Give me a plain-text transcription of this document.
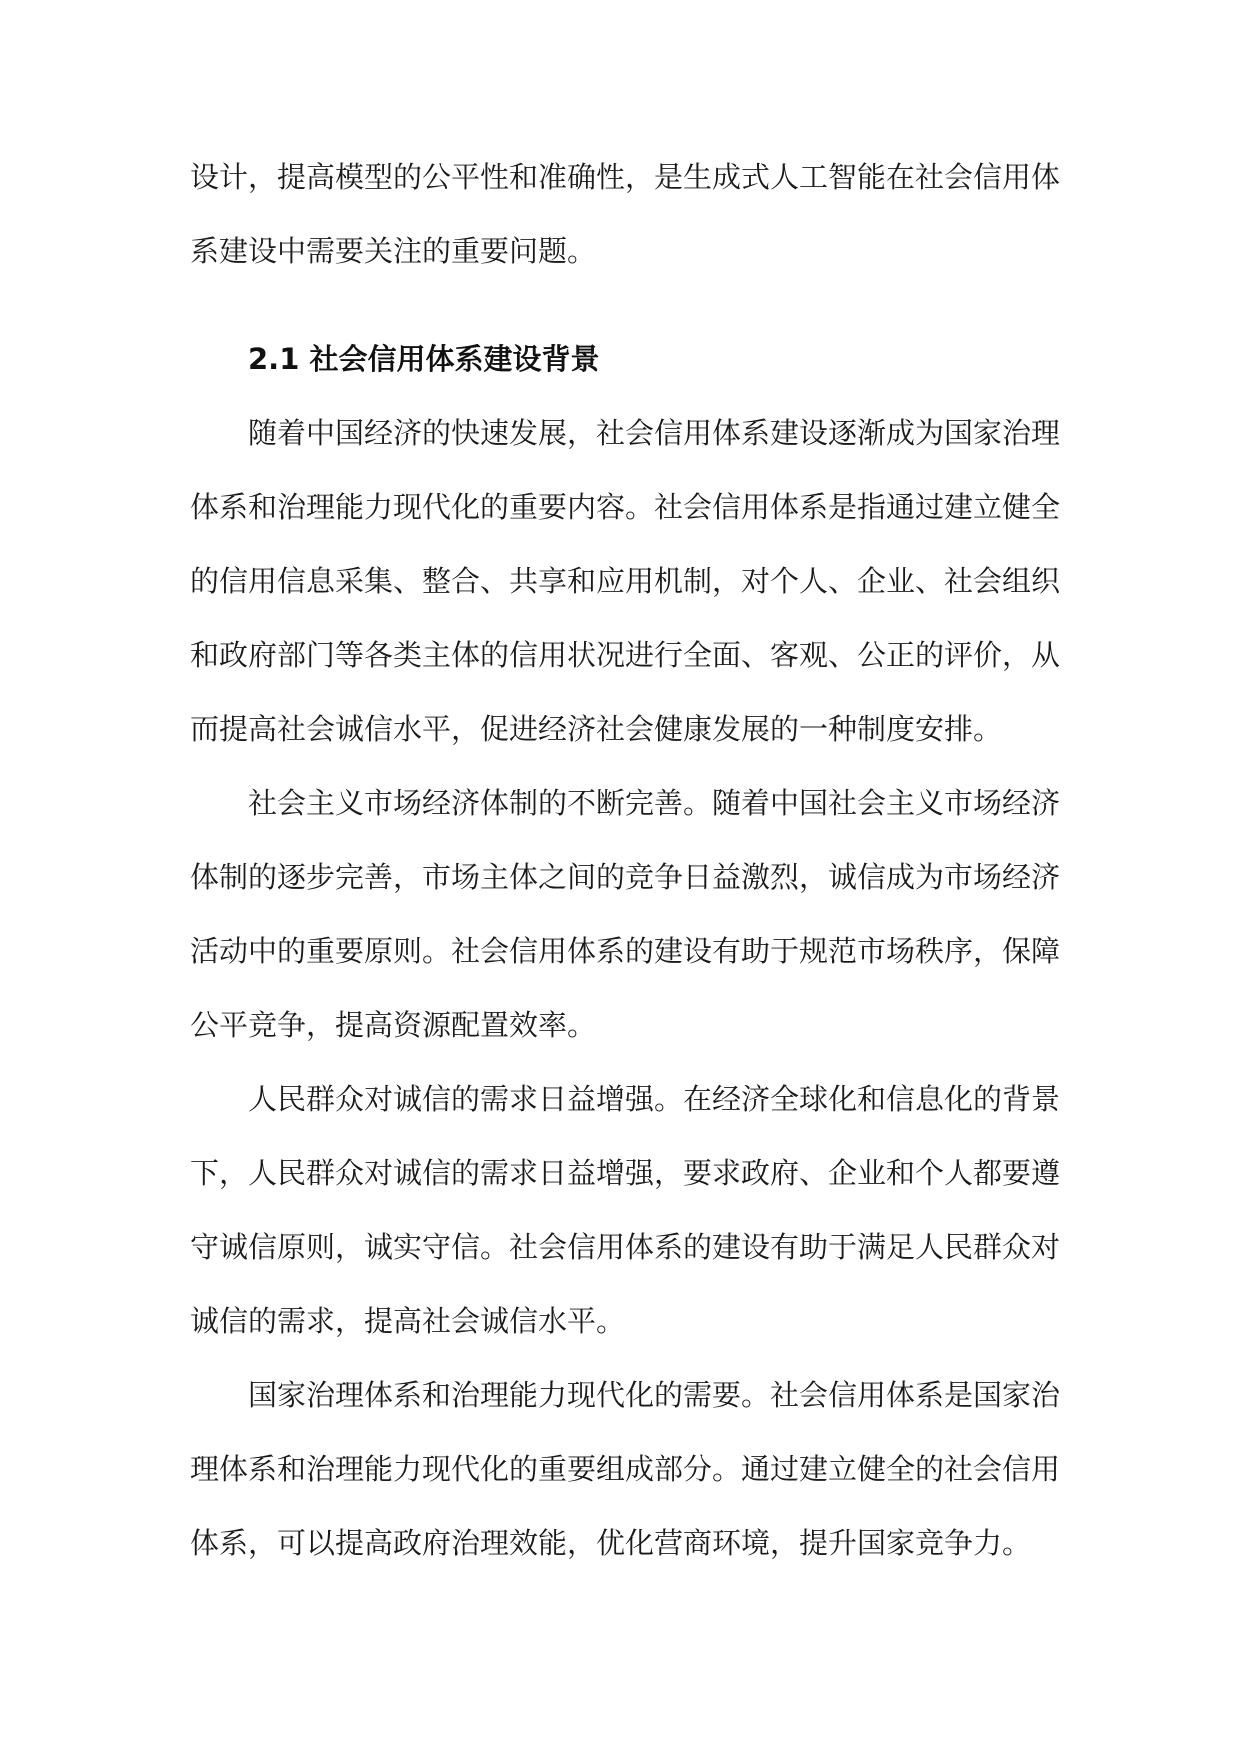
设计，提高模型的公平性和准确性，是生成式人工智能在社会信用体系建设中需要关注的重要问题。

2.1 社会信用体系建设背景

随着中国经济的快速发展，社会信用体系建设逐渐成为国家治理体系和治理能力现代化的重要内容。社会信用体系是指通过建立健全的信用信息采集、整合、共享和应用机制，对个人、企业、社会组织和政府部门等各类主体的信用状况进行全面、客观、公正的评价，从而提高社会诚信水平，促进经济社会健康发展的一种制度安排。

社会主义市场经济体制的不断完善。随着中国社会主义市场经济体制的逐步完善，市场主体之间的竞争日益激烈，诚信成为市场经济活动中的重要原则。社会信用体系的建设有助于规范市场秩序，保障公平竞争，提高资源配置效率。

人民群众对诚信的需求日益增强。在经济全球化和信息化的背景下，人民群众对诚信的需求日益增强，要求政府、企业和个人都要遵守诚信原则，诚实守信。社会信用体系的建设有助于满足人民群众对诚信的需求，提高社会诚信水平。

国家治理体系和治理能力现代化的需要。社会信用体系是国家治理体系和治理能力现代化的重要组成部分。通过建立健全的社会信用体系，可以提高政府治理效能，优化营商环境，提升国家竞争力。
